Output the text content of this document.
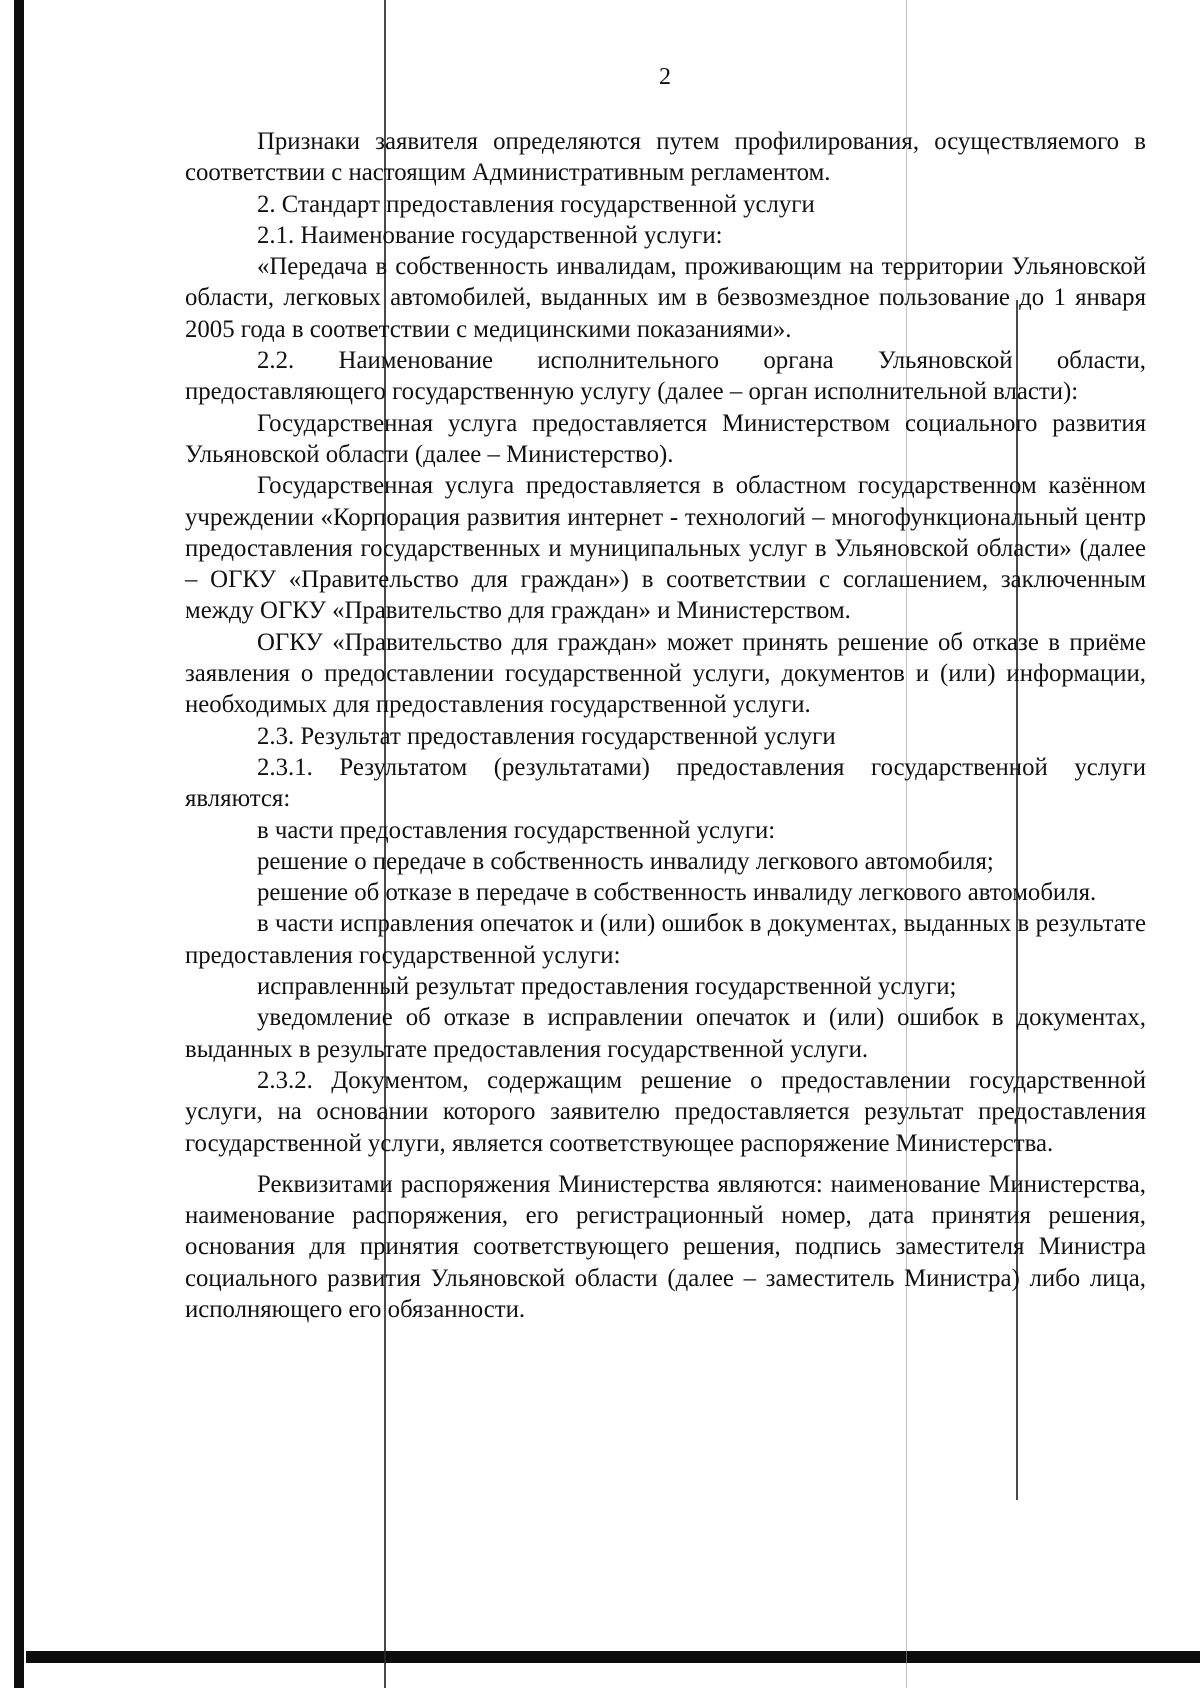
2

Признаки заявителя определяются путем профилирования, осуществляемого в соответствии с настоящим Административным регламентом.

2. Стандарт предоставления государственной услуги

2.1. Наименование государственной услуги:

«Передача в собственность инвалидам, проживающим на территории Ульяновской области, легковых автомобилей, выданных им в безвозмездное пользование до 1 января 2005 года в соответствии с медицинскими показаниями».

2.2. Наименование исполнительного органа Ульяновской области, предоставляющего государственную услугу (далее – орган исполнительной власти):

Государственная услуга предоставляется Министерством социального развития Ульяновской области (далее – Министерство).

Государственная услуга предоставляется в областном государственном казённом учреждении «Корпорация развития интернет - технологий – многофункциональный центр предоставления государственных и муниципальных услуг в Ульяновской области» (далее – ОГКУ «Правительство для граждан») в соответствии с соглашением, заключенным между ОГКУ «Правительство для граждан» и Министерством.

ОГКУ «Правительство для граждан» может принять решение об отказе в приёме заявления о предоставлении государственной услуги, документов и (или) информации, необходимых для предоставления государственной услуги.

2.3. Результат предоставления государственной услуги

2.3.1. Результатом (результатами) предоставления государственной услуги являются:

в части предоставления государственной услуги:

решение о передаче в собственность инвалиду легкового автомобиля;

решение об отказе в передаче в собственность инвалиду легкового автомобиля.

в части исправления опечаток и (или) ошибок в документах, выданных в результате предоставления государственной услуги:

исправленный результат предоставления государственной услуги;

уведомление об отказе в исправлении опечаток и (или) ошибок в документах, выданных в результате предоставления государственной услуги.

2.3.2. Документом, содержащим решение о предоставлении государственной услуги, на основании которого заявителю предоставляется результат предоставления государственной услуги, является соответствующее распоряжение Министерства.

Реквизитами распоряжения Министерства являются: наименование Министерства, наименование распоряжения, его регистрационный номер, дата принятия решения, основания для принятия соответствующего решения, подпись заместителя Министра социального развития Ульяновской области (далее – заместитель Министра) либо лица, исполняющего его обязанности.
